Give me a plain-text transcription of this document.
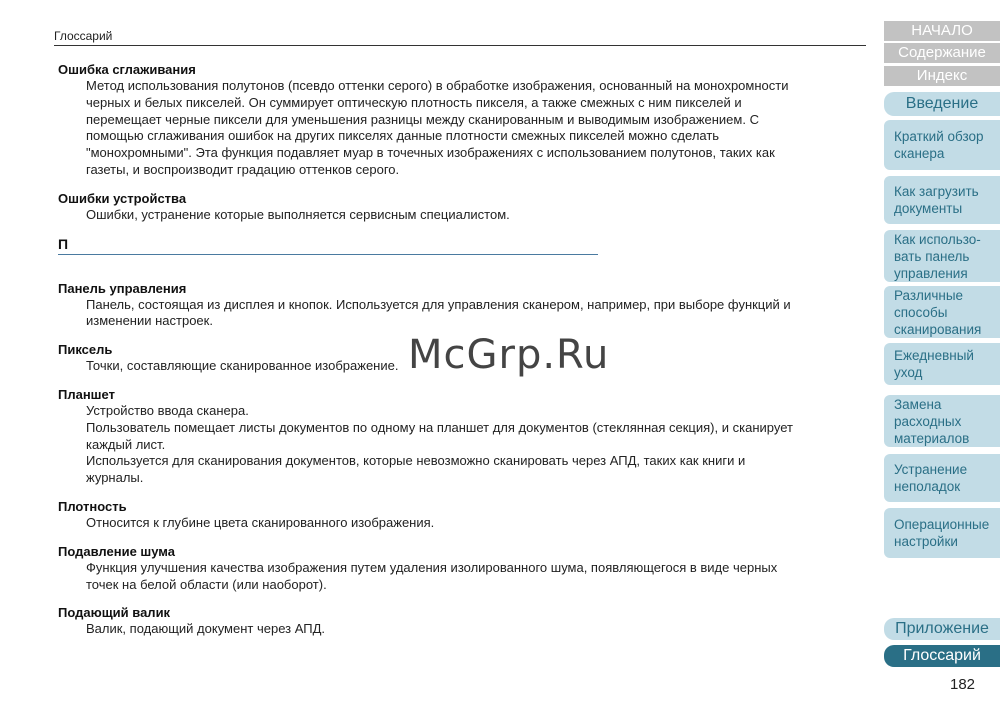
Глоссарий
Ошибка сглаживания
Метод использования полутонов (псевдо оттенки серого) в обработке изображения, основанный на монохромности
черных и белых пикселей. Он суммирует оптическую плотность пикселя, а также смежных с ним пикселей и
перемещает черные пиксели для уменьшения разницы между сканированным и выводимым изображением. С
помощью сглаживания ошибок на других пикселях данные плотности смежных пикселей можно сделать
"монохромными". Эта функция подавляет муар в точечных изображениях с использованием полутонов, таких как
газеты, и воспроизводит градацию оттенков серого.
Ошибки устройства
Ошибки, устранение которые выполняется сервисным специалистом.
П
Панель управления
Панель, состоящая из дисплея и кнопок. Используется для управления сканером, например, при выборе функций и
изменении настроек.
Пиксель
Точки, составляющие сканированное изображение.
Планшет
Устройство ввода сканера.
Пользователь помещает листы документов по одному на планшет для документов (стеклянная секция), и сканирует
каждый лист.
Используется для сканирования документов, которые невозможно сканировать через АПД, таких как книги и
журналы.
Плотность
Относится к глубине цвета сканированного изображения.
Подавление шума
Функция улучшения качества изображения путем удаления изолированного шума, появляющегося в виде черных
точек на белой области (или наоборот).
Подающий валик
Валик, подающий документ через АПД.
McGrp.Ru
НАЧАЛО
Содержание
Индекс
Введение
Краткий обзор
сканера
Как загрузить
документы
Как использо-
вать панель
управления
Различные
способы
сканирования
Ежедневный
уход
Замена
расходных
материалов
Устранение
неполадок
Операционные
настройки
Приложение
Глоссарий
182
